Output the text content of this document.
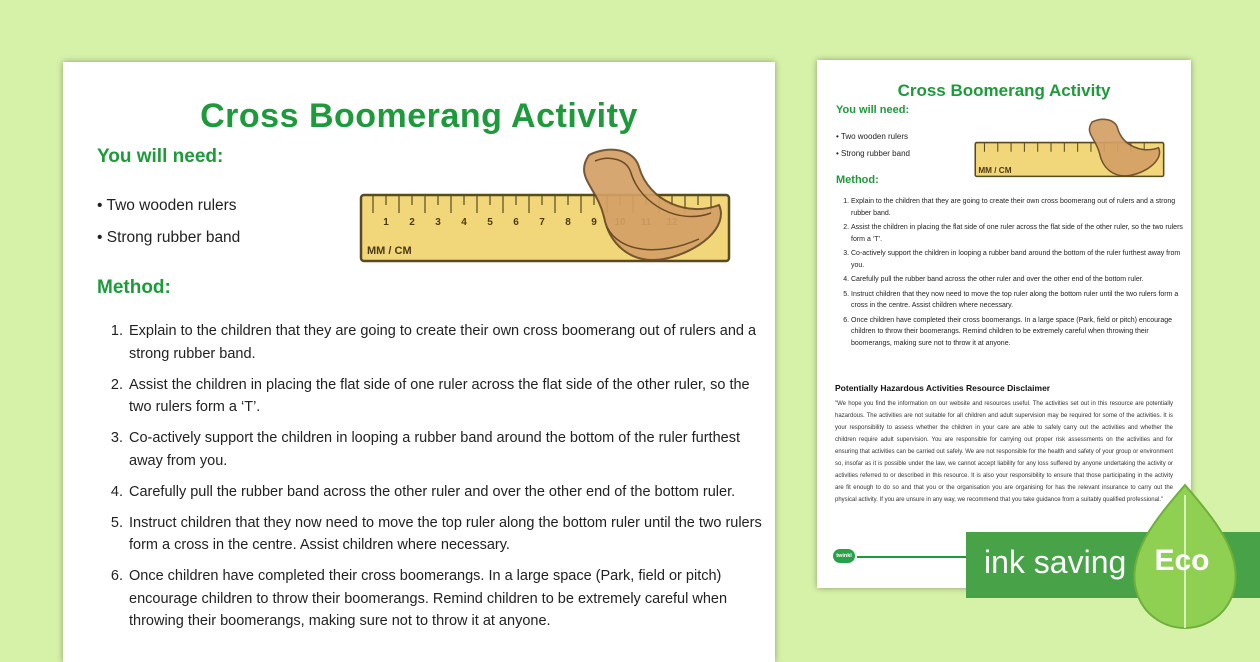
Cross Boomerang Activity
You will need:
• Two wooden rulers
• Strong rubber band
1 2 3 4 5 6 7 8 9
MM / CM
Method:
1. Explain to the children that they are going to create their own cross boomerang out of rulers and a strong rubber band.
2. Assist the children in placing the flat side of one ruler across the flat side of the other ruler, so the two rulers form a ‘T’.
3. Co-actively support the children in looping a rubber band around the bottom of the ruler furthest away from you.
4. Carefully pull the rubber band across the other ruler and over the other end of the bottom ruler.
5. Instruct children that they now need to move the top ruler along the bottom ruler until the two rulers form a cross in the centre. Assist children where necessary.
6. Once children have completed their cross boomerangs. In a large space (Park, field or pitch) encourage children to throw their boomerangs. Remind children to be extremely careful when throwing their boomerangs, making sure not to throw it at anyone.
Cross Boomerang Activity
You will need:
• Two wooden rulers
• Strong rubber band
MM / CM
Method:
1. Explain to the children that they are going to create their own cross boomerang out of rulers and a strong rubber band.
2. Assist the children in placing the flat side of one ruler across the flat side of the other ruler, so the two rulers form a ‘T’.
3. Co-actively support the children in looping a rubber band around the bottom of the ruler furthest away from you.
4. Carefully pull the rubber band across the other ruler and over the other end of the bottom ruler.
5. Instruct children that they now need to move the top ruler along the bottom ruler until the two rulers form a cross in the centre. Assist children where necessary.
6. Once children have completed their cross boomerangs. In a large space (Park, field or pitch) encourage children to throw their boomerangs. Remind children to be extremely careful when throwing their boomerangs, making sure not to throw it at anyone.
Potentially Hazardous Activities Resource Disclaimer
"We hope you find the information on our website and resources useful. The activities set out in this resource are potentially hazardous. The activities are not suitable for all children and adult supervision may be required for some of the activities. It is your responsibility to assess whether the children in your care are able to safely carry out the activities and whether the children require adult supervision. You are responsible for carrying out proper risk assessments on the activities and for ensuring that activities can be carried out safely. We are not responsible for the health and safety of your group or environment so, insofar as it is possible under the law, we cannot accept liability for any loss suffered by anyone undertaking the activity or activities referred to or described in this resource. It is also your responsibility to ensure that those participating in the activity are fit enough to do so and that you or the organisation you are organising for has the relevant insurance to carry out the physical activity. If you are unsure in any way, we recommend that you take guidance from a suitably qualified professional."
twinkl	ink saving Eco
